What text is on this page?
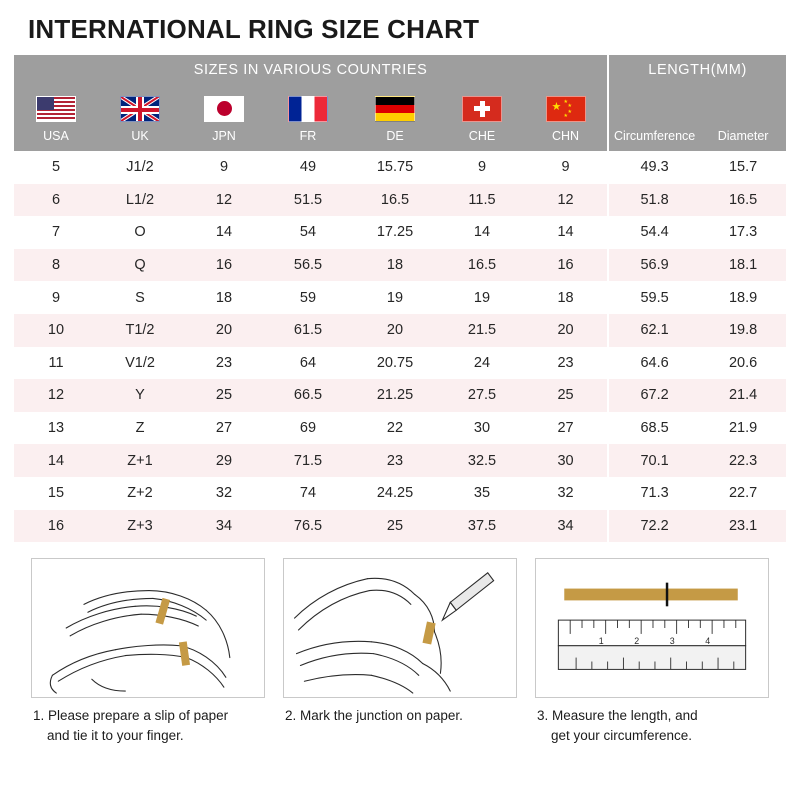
INTERNATIONAL RING SIZE CHART
SIZES IN VARIOUS COUNTRIES							LENGTH(MM)	

						★ ★
★
★
★		

USA	UK	JPN	FR	DE	CHE	CHN	Circumference	Diameter
5	J1/2	9	49	15.75	9	9	49.3	15.7
6	L1/2	12	51.5	16.5	11.5	12	51.8	16.5
7	O	14	54	17.25	14	14	54.4	17.3
8	Q	16	56.5	18	16.5	16	56.9	18.1
9	S	18	59	19	19	18	59.5	18.9
10	T1/2	20	61.5	20	21.5	20	62.1	19.8
11	V1/2	23	64	20.75	24	23	64.6	20.6
12	Y	25	66.5	21.25	27.5	25	67.2	21.4
13	Z	27	69	22	30	27	68.5	21.9
14	Z+1	29	71.5	23	32.5	30	70.1	22.3
15	Z+2	32	74	24.25	35	32	71.3	22.7
16	Z+3	34	76.5	25	37.5	34	72.2	23.1
1. Please prepare a slip of paper
and tie it to your finger.
2. Mark the junction on paper.
1	2	3	4
3. Measure the length, and
get your circumference.
